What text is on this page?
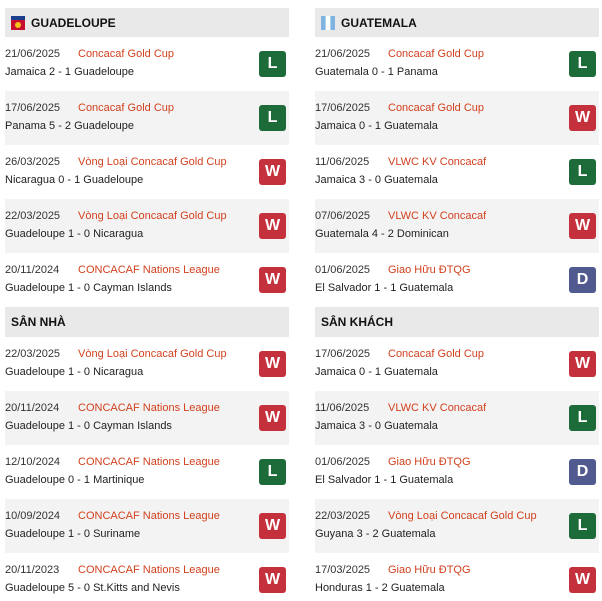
GUADELOUPE
21/06/2025 Concacaf Gold Cup
Jamaica 2 - 1 Guadeloupe	L
17/06/2025 Concacaf Gold Cup
Panama 5 - 2 Guadeloupe	L
26/03/2025 Vòng Loại Concacaf Gold Cup
Nicaragua 0 - 1 Guadeloupe	W
22/03/2025 Vòng Loại Concacaf Gold Cup
Guadeloupe 1 - 0 Nicaragua	W
20/11/2024 CONCACAF Nations League
Guadeloupe 1 - 0 Cayman Islands	W
SÂN NHÀ
22/03/2025 Vòng Loại Concacaf Gold Cup
Guadeloupe 1 - 0 Nicaragua	W
20/11/2024 CONCACAF Nations League
Guadeloupe 1 - 0 Cayman Islands	W
12/10/2024 CONCACAF Nations League
Guadeloupe 0 - 1 Martinique	L
10/09/2024 CONCACAF Nations League
Guadeloupe 1 - 0 Suriname	W
20/11/2023 CONCACAF Nations League
Guadeloupe 5 - 0 St.Kitts and Nevis	W
GUATEMALA
21/06/2025 Concacaf Gold Cup
Guatemala 0 - 1 Panama	L
17/06/2025 Concacaf Gold Cup
Jamaica 0 - 1 Guatemala	W
11/06/2025 VLWC KV Concacaf
Jamaica 3 - 0 Guatemala	L
07/06/2025 VLWC KV Concacaf
Guatemala 4 - 2 Dominican	W
01/06/2025 Giao Hữu ĐTQG
El Salvador 1 - 1 Guatemala	D
SÂN KHÁCH
17/06/2025 Concacaf Gold Cup
Jamaica 0 - 1 Guatemala	W
11/06/2025 VLWC KV Concacaf
Jamaica 3 - 0 Guatemala	L
01/06/2025 Giao Hữu ĐTQG
El Salvador 1 - 1 Guatemala	D
22/03/2025 Vòng Loại Concacaf Gold Cup
Guyana 3 - 2 Guatemala	L
17/03/2025 Giao Hữu ĐTQG
Honduras 1 - 2 Guatemala	W
